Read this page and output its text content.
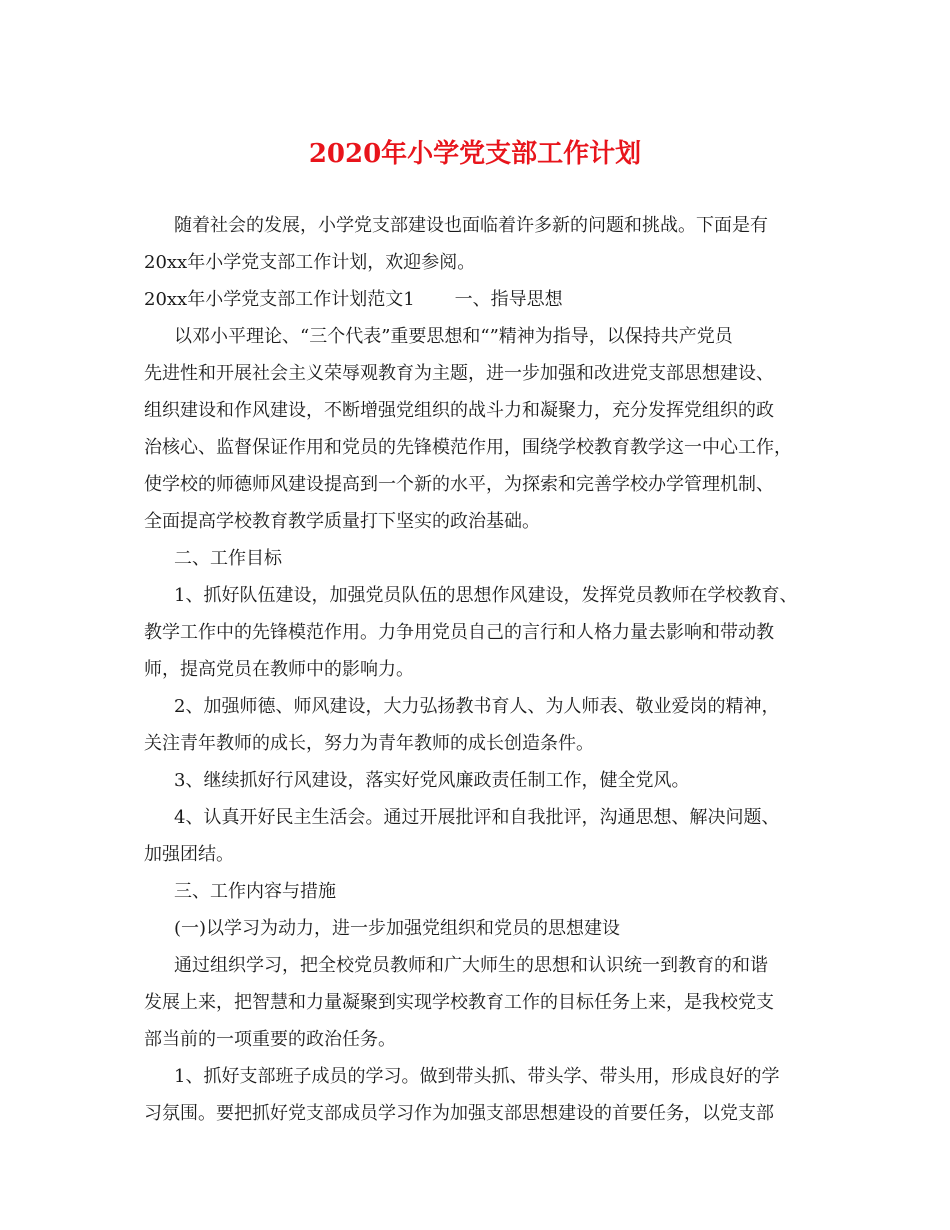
2020年小学党支部工作计划
随着社会的发展，小学党支部建设也面临着许多新的问题和挑战。下面是有
20xx年小学党支部工作计划，欢迎参阅。
20xx年小学党支部工作计划范文1 一、指导思想
以邓小平理论、“三个代表”重要思想和“”精神为指导，以保持共产党员
先进性和开展社会主义荣辱观教育为主题，进一步加强和改进党支部思想建设、
组织建设和作风建设，不断增强党组织的战斗力和凝聚力，充分发挥党组织的政
治核心、监督保证作用和党员的先锋模范作用，围绕学校教育教学这一中心工作，
使学校的师德师风建设提高到一个新的水平，为探索和完善学校办学管理机制、
全面提高学校教育教学质量打下坚实的政治基础。
二、工作目标
1、抓好队伍建设，加强党员队伍的思想作风建设，发挥党员教师在学校教育、
教学工作中的先锋模范作用。力争用党员自己的言行和人格力量去影响和带动教
师，提高党员在教师中的影响力。
2、加强师德、师风建设，大力弘扬教书育人、为人师表、敬业爱岗的精神，
关注青年教师的成长，努力为青年教师的成长创造条件。
3、继续抓好行风建设，落实好党风廉政责任制工作，健全党风。
4、认真开好民主生活会。通过开展批评和自我批评，沟通思想、解决问题、
加强团结。
三、工作内容与措施
(一)以学习为动力，进一步加强党组织和党员的思想建设
通过组织学习，把全校党员教师和广大师生的思想和认识统一到教育的和谐
发展上来，把智慧和力量凝聚到实现学校教育工作的目标任务上来，是我校党支
部当前的一项重要的政治任务。
1、抓好支部班子成员的学习。做到带头抓、带头学、带头用，形成良好的学
习氛围。要把抓好党支部成员学习作为加强支部思想建设的首要任务，以党支部
